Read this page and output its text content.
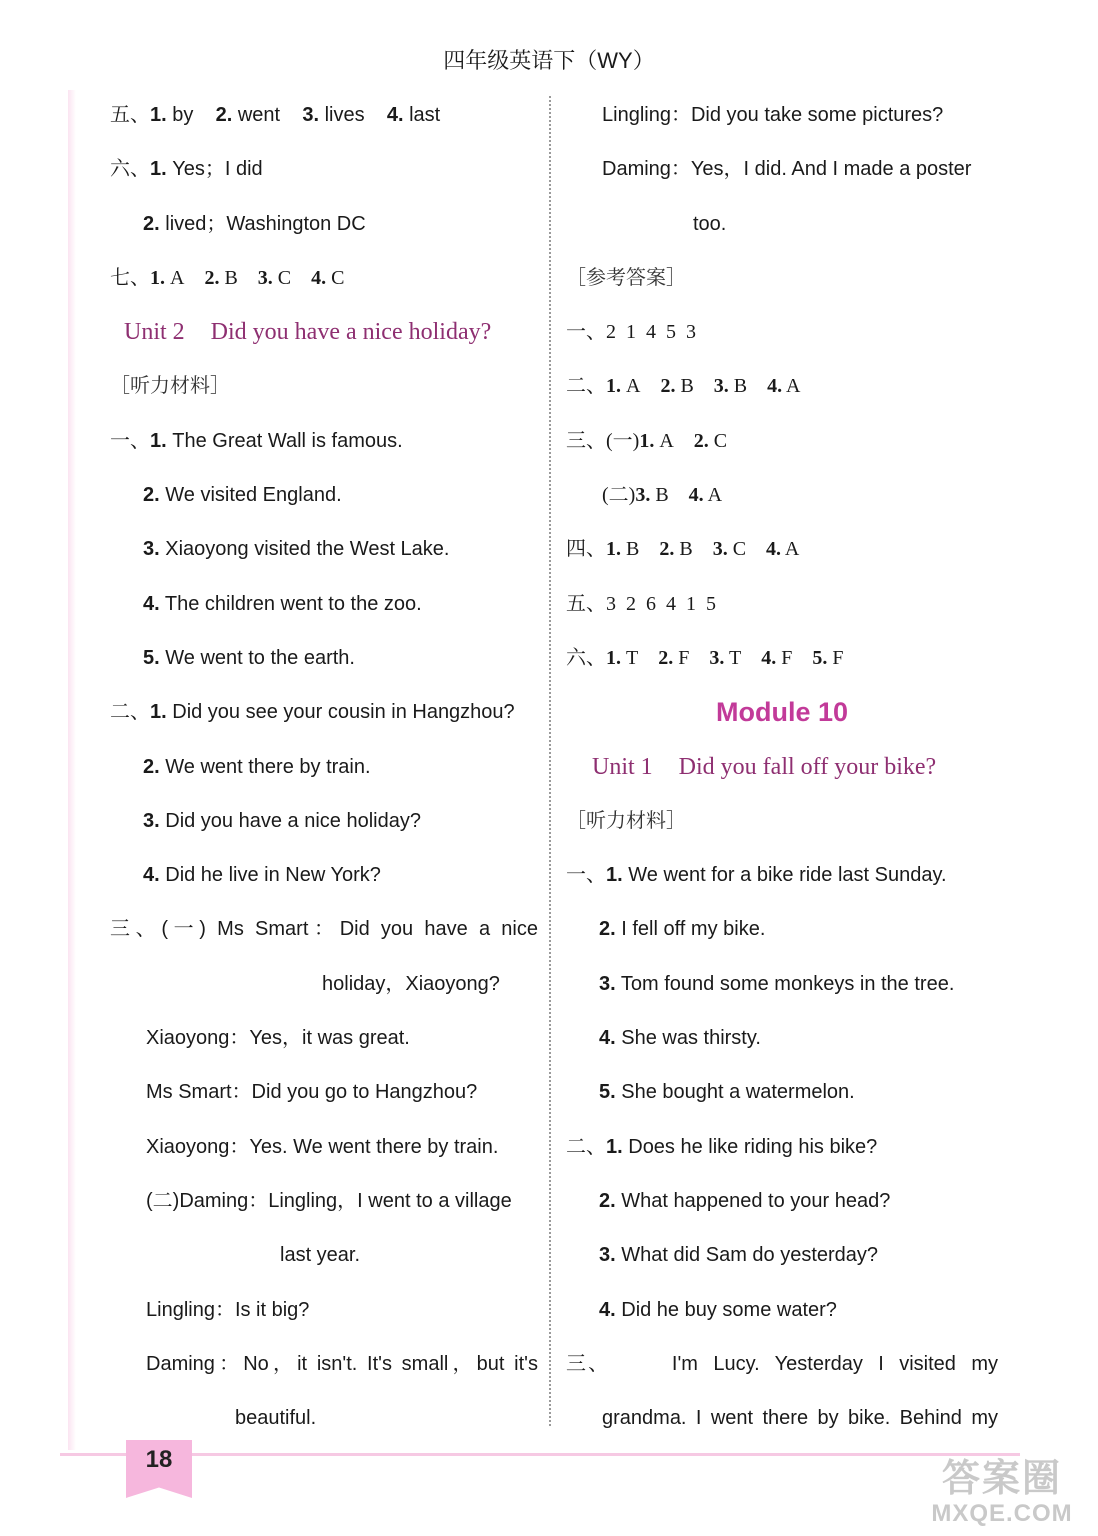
四年级英语下（WY）
五、1. by 2. went 3. lives 4. last
六、1. Yes；I did
2. lived；Washington DC
七、1. A 2. B 3. C 4. C
Unit 2 Did you have a nice holiday?
［听力材料］
一、1. The Great Wall is famous.
2. We visited England.
3. Xiaoyong visited the West Lake.
4. The children went to the zoo.
5. We went to the earth.
二、1. Did you see your cousin in Hangzhou?
2. We went there by train.
3. Did you have a nice holiday?
4. Did he live in New York?
三、(一) Ms Smart：Did you have a nice
holiday，Xiaoyong?
Xiaoyong：Yes，it was great.
Ms Smart：Did you go to Hangzhou?
Xiaoyong：Yes. We went there by train.
(二)Daming：Lingling，I went to a village
last year.
Lingling：Is it big?
Daming：No，it isn't. It's small，but it's
beautiful.
Lingling：Did you take some pictures?
Daming：Yes，I did. And I made a poster
too.
［参考答案］
一、2  1  4  5  3
二、1. A 2. B 3. B 4. A
三、(一)1. A 2. C
(二)3. B 4. A
四、1. B 2. B 3. C 4. A
五、3  2  6  4  1  5
六、1. T 2. F 3. T 4. F 5. F
Module 10
Unit 1 Did you fall off your bike?
［听力材料］
一、1. We went for a bike ride last Sunday.
2. I fell off my bike.
3. Tom found some monkeys in the tree.
4. She was thirsty.
5. She bought a watermelon.
二、1. Does he like riding his bike?
2. What happened to your head?
3. What did Sam do yesterday?
4. Did he buy some water?
三、        I'm  Lucy.  Yesterday  I  visited  my
grandma. I went there by bike. Behind my
18	答案圈
MXQE.COM
